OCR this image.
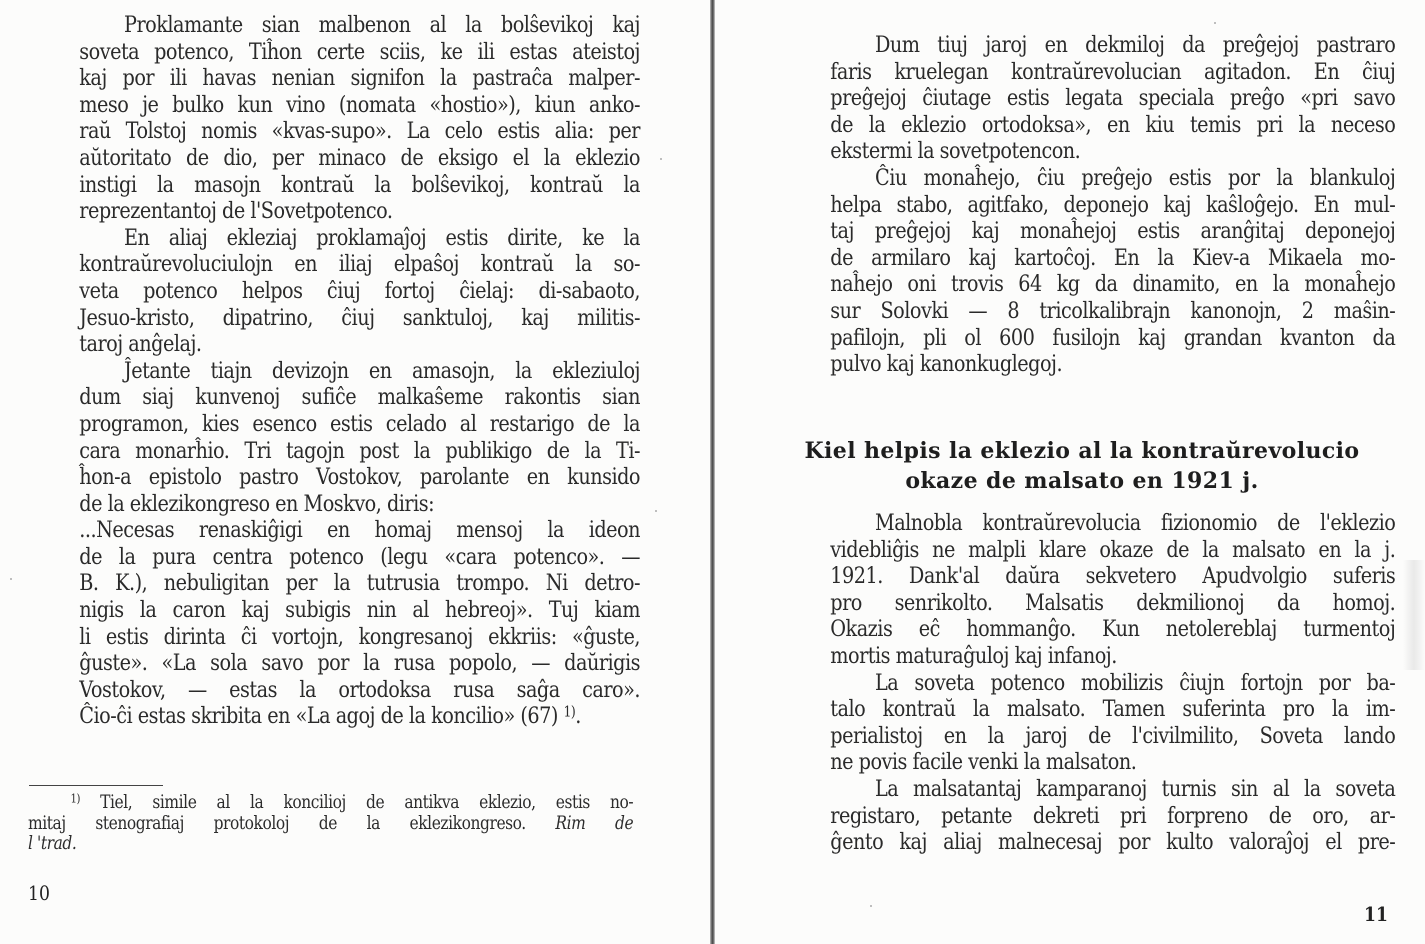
Proklamante sian malbenon al la bolŝevikoj kaj
soveta potenco, Tiĥon certe sciis, ke ili estas ateistoj
kaj por ili havas nenian signifon la pastraĉa malper-
meso je bulko kun vino (nomata «hostio»), kiun anko-
raŭ Tolstoj nomis «kvas-supo». La celo estis alia: per
aŭtoritato de dio, per minaco de eksigo el la eklezio
instigi la masojn kontraŭ la bolŝevikoj, kontraŭ la
reprezentantoj de l'Sovetpotenco.
En aliaj ekleziaj proklamaĵoj estis dirite, ke la
kontraŭrevoluciulojn en iliaj elpaŝoj kontraŭ la so-
veta potenco helpos ĉiuj fortoj ĉielaj: di-sabaoto,
Jesuo-kristo, dipatrino, ĉiuj sanktuloj, kaj militis-
taroj anĝelaj.
Ĵetante tiajn devizojn en amasojn, la ekleziuloj
dum siaj kunvenoj sufiĉe malkaŝeme rakontis sian
programon, kies esenco estis celado al restarigo de la
cara monarĥio. Tri tagojn post la publikigo de la Ti-
ĥon-a epistolo pastro Vostokov, parolante en kunsido
de la eklezikongreso en Moskvo, diris:
...Necesas renaskiĝigi en homaj mensoj la ideon
de la pura centra potenco (legu «cara potenco». —
B. K.), nebuligitan per la tutrusia trompo. Ni detro-
nigis la caron kaj subigis nin al hebreoj». Tuj kiam
li estis dirinta ĉi vortojn, kongresanoj ekkriis: «ĝuste,
ĝuste». «La sola savo por la rusa popolo, — daŭrigis
Vostokov, — estas la ortodoksa rusa saĝa caro».
Ĉio-ĉi estas skribita en «La agoj de la koncilio» (67) $^{1)}$.
$^{1)}$ Tiel, simile al la koncilioj de antikva eklezio, estis no-
mitaj stenografiaj protokoloj de la eklezikongreso. Rim de
l 'trad.
10
Dum tiuj jaroj en dekmiloj da preĝejoj pastraro
faris kruelegan kontraŭrevolucian agitadon. En ĉiuj
preĝejoj ĉiutage estis legata speciala preĝo «pri savo
de la eklezio ortodoksa», en kiu temis pri la neceso
ekstermi la sovetpotencon.
Ĉiu monaĥejo, ĉiu preĝejo estis por la blankuloj
helpa stabo, agitfako, deponejo kaj kaŝloĝejo. En mul-
taj preĝejoj kaj monaĥejoj estis aranĝitaj deponejoj
de armilaro kaj kartoĉoj. En la Kiev-a Mikaela mo-
naĥejo oni trovis 64 kg da dinamito, en la monaĥejo
sur Solovki — 8 tricolkalibrajn kanonojn, 2 maŝin-
pafilojn, pli ol 600 fusilojn kaj grandan kvanton da
pulvo kaj kanonkuglegoj.
Kiel helpis la eklezio al la kontraŭrevolucio
okaze de malsato en 1921 j.
Malnobla kontraŭrevolucia fizionomio de l'eklezio
videbliĝis ne malpli klare okaze de la malsato en la j.
1921. Dank'al daŭra sekvetero Apudvolgio suferis
pro senrikolto. Malsatis dekmilionoj da homoj.
Okazis eĉ hommanĝo. Kun netolereblaj turmentoj
mortis maturaĝuloj kaj infanoj.
La soveta potenco mobilizis ĉiujn fortojn por ba-
talo kontraŭ la malsato. Tamen suferinta pro la im-
perialistoj en la jaroj de l'civilmilito, Soveta lando
ne povis facile venki la malsaton.
La malsatantaj kamparanoj turnis sin al la soveta
registaro, petante dekreti pri forpreno de oro, ar-
ĝento kaj aliaj malnecesaj por kulto valoraĵoj el pre-
11
